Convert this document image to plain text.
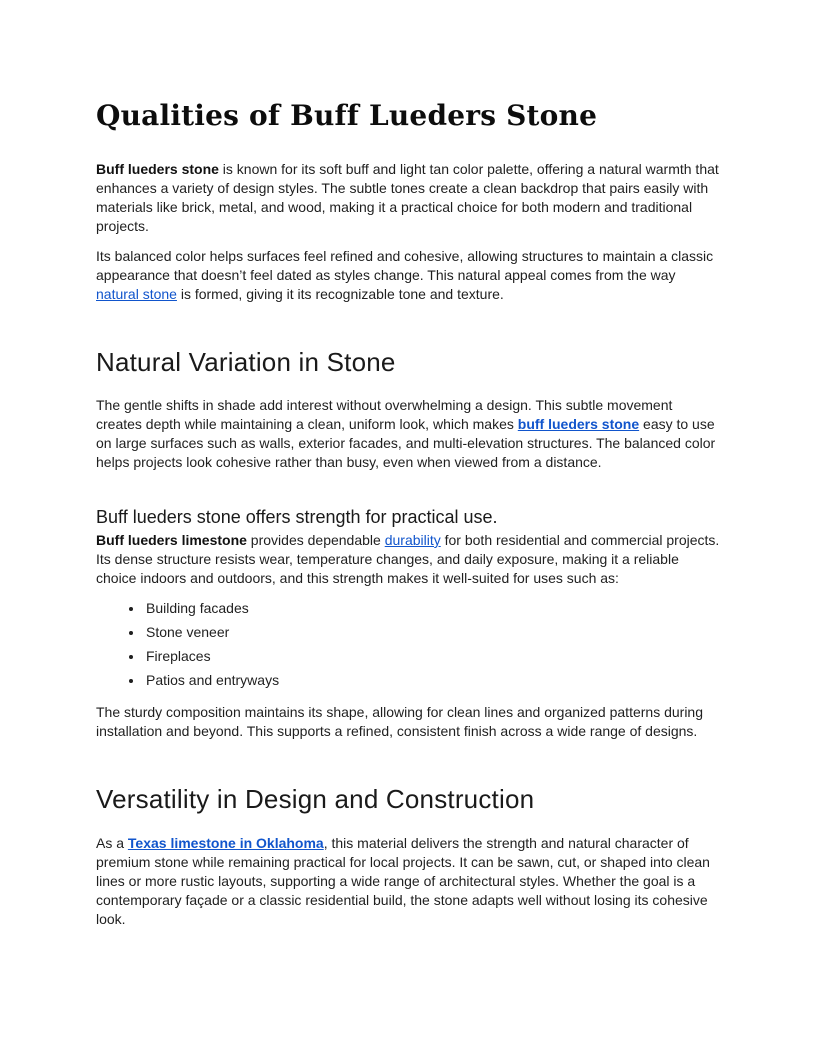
Qualities of Buff Lueders Stone

Buff lueders stone is known for its soft buff and light tan color palette, offering a natural warmth that enhances a variety of design styles. The subtle tones create a clean backdrop that pairs easily with materials like brick, metal, and wood, making it a practical choice for both modern and traditional projects.

Its balanced color helps surfaces feel refined and cohesive, allowing structures to maintain a classic appearance that doesn’t feel dated as styles change. This natural appeal comes from the way natural stone is formed, giving it its recognizable tone and texture.

Natural Variation in Stone

The gentle shifts in shade add interest without overwhelming a design. This subtle movement creates depth while maintaining a clean, uniform look, which makes buff lueders stone easy to use on large surfaces such as walls, exterior facades, and multi-elevation structures. The balanced color helps projects look cohesive rather than busy, even when viewed from a distance.

Buff lueders stone offers strength for practical use.

Buff lueders limestone provides dependable durability for both residential and commercial projects. Its dense structure resists wear, temperature changes, and daily exposure, making it a reliable choice indoors and outdoors, and this strength makes it well-suited for uses such as:

• Building facades
• Stone veneer
• Fireplaces
• Patios and entryways

The sturdy composition maintains its shape, allowing for clean lines and organized patterns during installation and beyond. This supports a refined, consistent finish across a wide range of designs.

Versatility in Design and Construction

As a Texas limestone in Oklahoma, this material delivers the strength and natural character of premium stone while remaining practical for local projects. It can be sawn, cut, or shaped into clean lines or more rustic layouts, supporting a wide range of architectural styles. Whether the goal is a contemporary façade or a classic residential build, the stone adapts well without losing its cohesive look.
